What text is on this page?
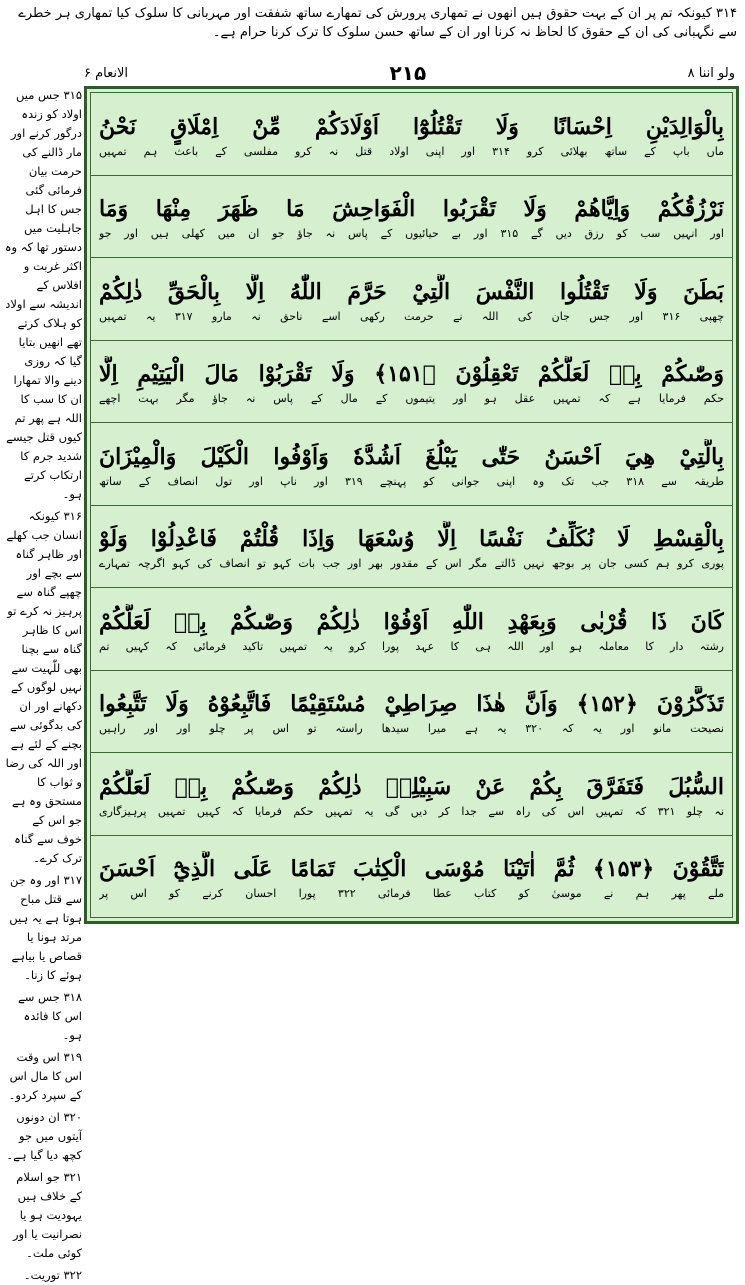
۳۱۴ کیونکہ تم پر ان کے بہت حقوق ہیں انھوں نے تمھاری پرورش کی تمھارے ساتھ شفقت اور مہربانی کا سلوک کیا تمھاری ہر خطرے سے نگہبانی کی ان کے حقوق کا لحاظ نہ کرنا اور ان کے ساتھ حسن سلوک کا ترک کرنا حرام ہے۔
ولو اننا ۸
۲۱۵
الانعام ۶

۳۱۵ جس میں اولاد کو زندہ درگور کرنے اور مار ڈالنے کی حرمت بیان فرمائی گئی جس کا اہل جاہلیت میں دستور تھا کہ وہ اکثر غربت و افلاس کے اندیشہ سے اولاد کو ہلاک کرتے تھے انھیں بتایا گیا کہ روزی دینے والا تمھارا ان کا سب کا اللہ ہے پھر تم کیوں قتل جیسے شدید جرم کا ارتکاب کرتے ہو۔

۳۱۶ کیونکہ انسان جب کھلے اور ظاہر گناہ سے بچے اور چھپے گناہ سے پرہیز نہ کرے تو اس کا ظاہر گناہ سے بچنا بھی للّٰہیت سے نہیں لوگوں کے دکھانے اور ان کی بدگوئی سے بچنے کے لئے ہے اور اللہ کی رضا و ثواب کا مستحق وہ ہے جو اس کے خوف سے گناہ ترک کرے۔

۳۱۷ اور وہ جن سے قتل مباح ہوتا ہے یہ ہیں مرتد ہونا یا قصاص یا بیاہے ہوئے کا زنا۔

۳۱۸ جس سے اس کا فائدہ ہو۔

۳۱۹ اس وقت اس کا مال اس کے سپرد کردو۔

۳۲۰ ان دونوں آیتوں میں جو کچھ دیا گیا ہے۔

۳۲۱ جو اسلام کے خلاف ہیں یہودیت ہو یا نصرانیت یا اور کوئی ملت۔

۳۲۲ توریت۔

بِالْوَالِدَيْنِ اِحْسَانًا وَلَا تَقْتُلُوْٓا اَوْلَادَكُمْ مِّنْ اِمْلَاقٍ نَحْنُ
ماں باپ کے ساتھ بھلائی کرو ۳۱۴ اور اپنی اولاد قتل نہ کرو مفلسی کے باعث ہم تمہیں
نَرْزُقُكُمْ وَاِيَّاهُمْ وَلَا تَقْرَبُوا الْفَوَاحِشَ مَا ظَهَرَ مِنْهَا وَمَا
اور انہیں سب کو رزق دیں گے ۳۱۵ اور بے حیائیوں کے پاس نہ جاؤ جو ان میں کھلی ہیں اور جو
بَطَنَ وَلَا تَقْتُلُوا النَّفْسَ الَّتِيْ حَرَّمَ اللّٰهُ اِلَّا بِالْحَقِّ ذٰلِكُمْ
چھپی ۳۱۶ اور جس جان کی اللہ نے حرمت رکھی اسے ناحق نہ مارو ۳۱۷ یہ تمہیں
وَصّٰىكُمْ بِهٖ لَعَلَّكُمْ تَعْقِلُوْنَ ﴿۱۵۱﴾ وَلَا تَقْرَبُوْا مَالَ الْيَتِيْمِ اِلَّا
حکم فرمایا ہے کہ تمہیں عقل ہو اور یتیموں کے مال کے پاس نہ جاؤ مگر بہت اچھے
بِالَّتِيْ هِيَ اَحْسَنُ حَتّٰى يَبْلُغَ اَشُدَّهٗ وَاَوْفُوا الْكَيْلَ وَالْمِيْزَانَ
طریقہ سے ۳۱۸ جب تک وہ اپنی جوانی کو پہنچے ۳۱۹ اور ناپ اور تول انصاف کے ساتھ
بِالْقِسْطِ لَا نُكَلِّفُ نَفْسًا اِلَّا وُسْعَهَا وَاِذَا قُلْتُمْ فَاعْدِلُوْا وَلَوْ
پوری کرو ہم کسی جان پر بوجھ نہیں ڈالتے مگر اس کے مقدور بھر اور جب بات کہو تو انصاف کی کہو اگرچہ تمہارے
كَانَ ذَا قُرْبٰى وَبِعَهْدِ اللّٰهِ اَوْفُوْا ذٰلِكُمْ وَصّٰىكُمْ بِهٖ لَعَلَّكُمْ
رشتہ دار کا معاملہ ہو اور اللہ ہی کا عہد پورا کرو یہ تمہیں تاکید فرمائی کہ کہیں تم
تَذَكَّرُوْنَ ﴿۱۵۲﴾ وَاَنَّ هٰذَا صِرَاطِيْ مُسْتَقِيْمًا فَاتَّبِعُوْهُ وَلَا تَتَّبِعُوا
نصیحت مانو اور یہ کہ ۳۲۰ یہ ہے میرا سیدھا راستہ تو اس پر چلو اور اور راہیں
السُّبُلَ فَتَفَرَّقَ بِكُمْ عَنْ سَبِيْلِهٖ ذٰلِكُمْ وَصّٰىكُمْ بِهٖ لَعَلَّكُمْ
نہ چلو ۳۲۱ کہ تمہیں اس کی راہ سے جدا کر دیں گی یہ تمہیں حکم فرمایا کہ کہیں تمہیں پرہیزگاری
تَتَّقُوْنَ ﴿۱۵۳﴾ ثُمَّ اٰتَيْنَا مُوْسَى الْكِتٰبَ تَمَامًا عَلَى الَّذِيْٓ اَحْسَنَ
ملے پھر ہم نے موسیٰ کو کتاب عطا فرمائی ۳۲۲ پورا احسان کرنے کو اس پر
